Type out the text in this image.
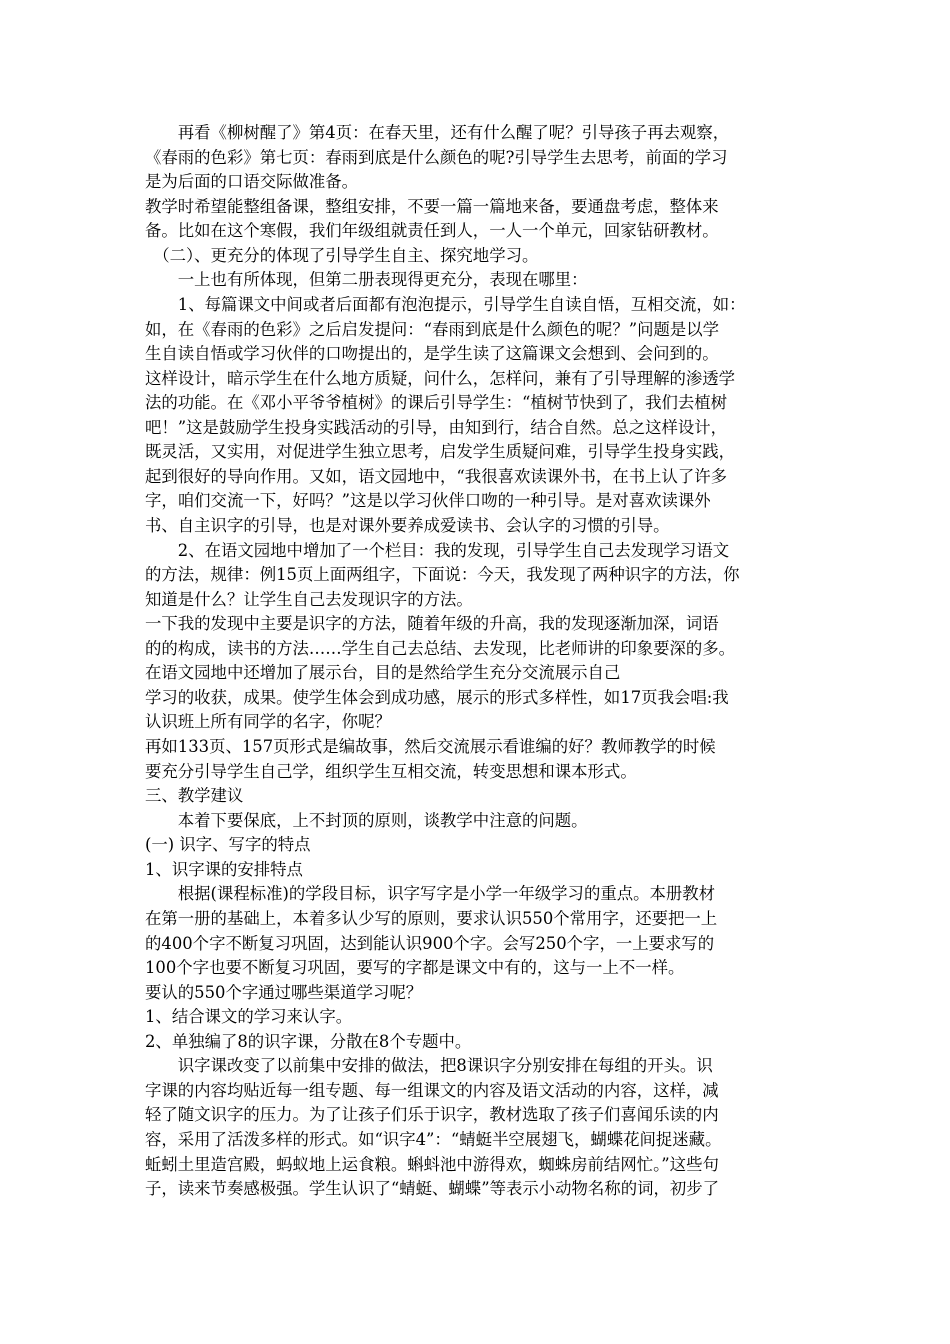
　　再看《柳树醒了》第4页：在春天里，还有什么醒了呢？引导孩子再去观察，
《春雨的色彩》第七页：春雨到底是什么颜色的呢?引导学生去思考，前面的学习
是为后面的口语交际做准备。
教学时希望能整组备课，整组安排，不要一篇一篇地来备，要通盘考虑，整体来
备。比如在这个寒假，我们年级组就责任到人，一人一个单元，回家钻研教材。
　（二）、更充分的体现了引导学生自主、探究地学习。
　　一上也有所体现，但第二册表现得更充分，表现在哪里：
　　1、每篇课文中间或者后面都有泡泡提示，引导学生自读自悟，互相交流，如：
如，在《春雨的色彩》之后启发提问：“春雨到底是什么颜色的呢？”问题是以学
生自读自悟或学习伙伴的口吻提出的，是学生读了这篇课文会想到、会问到的。
这样设计，暗示学生在什么地方质疑，问什么，怎样问，兼有了引导理解的渗透学
法的功能。在《邓小平爷爷植树》的课后引导学生：“植树节快到了，我们去植树
吧！”这是鼓励学生投身实践活动的引导，由知到行，结合自然。总之这样设计，
既灵活，又实用，对促进学生独立思考，启发学生质疑问难，引导学生投身实践，
起到很好的导向作用。又如，语文园地中，“我很喜欢读课外书，在书上认了许多
字，咱们交流一下，好吗？”这是以学习伙伴口吻的一种引导。是对喜欢读课外
书、自主识字的引导，也是对课外要养成爱读书、会认字的习惯的引导。
　　2、在语文园地中增加了一个栏目：我的发现，引导学生自己去发现学习语文
的方法，规律：例15页上面两组字，下面说：今天，我发现了两种识字的方法，你
知道是什么？让学生自己去发现识字的方法。
一下我的发现中主要是识字的方法，随着年级的升高，我的发现逐渐加深，词语
的的构成，读书的方法……学生自己去总结、去发现，比老师讲的印象要深的多。
在语文园地中还增加了展示台，目的是然给学生充分交流展示自己
学习的收获，成果。使学生体会到成功感，展示的形式多样性，如17页我会唱:我
认识班上所有同学的名字，你呢？
再如133页、157页形式是编故事，然后交流展示看谁编的好？教师教学的时候
要充分引导学生自己学，组织学生互相交流，转变思想和课本形式。
三、教学建议
　　本着下要保底，上不封顶的原则，谈教学中注意的问题。
(一) 识字、写字的特点
1、识字课的安排特点
　　根据(课程标准)的学段目标，识字写字是小学一年级学习的重点。本册教材
在第一册的基础上，本着多认少写的原则，要求认识550个常用字，还要把一上
的400个字不断复习巩固，达到能认识900个字。会写250个字，一上要求写的
100个字也要不断复习巩固，要写的字都是课文中有的，这与一上不一样。
要认的550个字通过哪些渠道学习呢？
1、结合课文的学习来认字。
2、单独编了8的识字课，分散在8个专题中。
　　识字课改变了以前集中安排的做法，把8课识字分别安排在每组的开头。识
字课的内容均贴近每一组专题、每一组课文的内容及语文活动的内容，这样，减
轻了随文识字的压力。为了让孩子们乐于识字，教材选取了孩子们喜闻乐读的内
容，采用了活泼多样的形式。如“识字4”：“蜻蜓半空展翅飞，蝴蝶花间捉迷藏。
蚯蚓土里造宫殿，蚂蚁地上运食粮。蝌蚪池中游得欢，蜘蛛房前结网忙。”这些句
子，读来节奏感极强。学生认识了“蜻蜓、蝴蝶”等表示小动物名称的词，初步了
